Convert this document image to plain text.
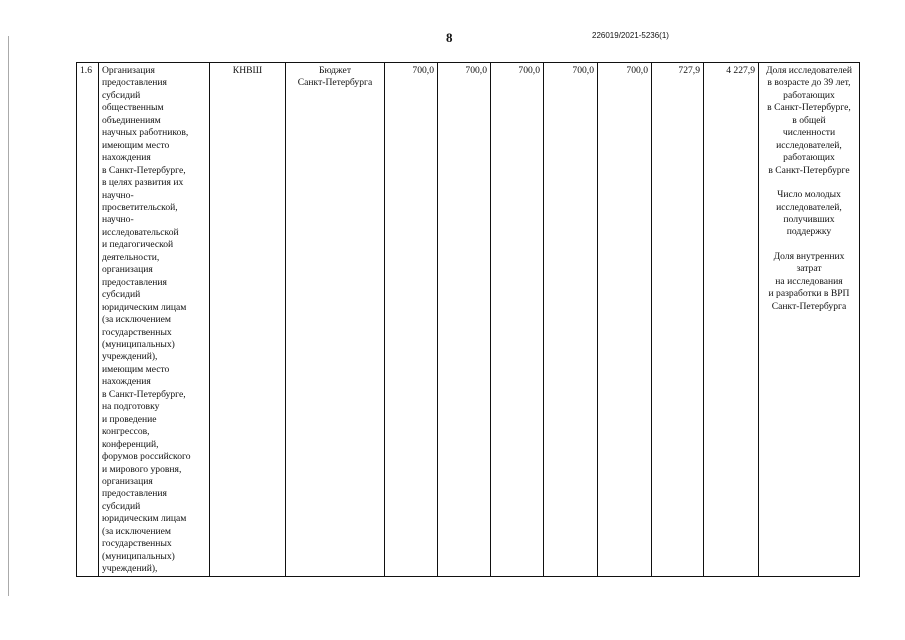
8	226019/2021-5236(1)
1.6	Организация
предоставления
субсидий
общественным
объединениям
научных работников,
имеющим место
нахождения
в Санкт-Петербурге,
в целях развития их
научно-
просветительской,
научно-
исследовательской
и педагогической
деятельности,
организация
предоставления
субсидий
юридическим лицам
(за исключением
государственных
(муниципальных)
учреждений),
имеющим место
нахождения
в Санкт-Петербурге,
на подготовку
и проведение
конгрессов,
конференций,
форумов российского
и мирового уровня,
организация
предоставления
субсидий
юридическим лицам
(за исключением
государственных
(муниципальных)
учреждений),	КНВШ	Бюджет
Санкт-Петербурга	700,0	700,0	700,0	700,0	700,0	727,9	4 227,9	Доля исследователей
в возрасте до 39 лет,
работающих
в Санкт-Петербурге,
в общей
численности
исследователей,
работающих
в Санкт-Петербурге
Число молодых
исследователей,
получивших
поддержку
Доля внутренних
затрат
на исследования
и разработки в ВРП
Санкт-Петербурга
